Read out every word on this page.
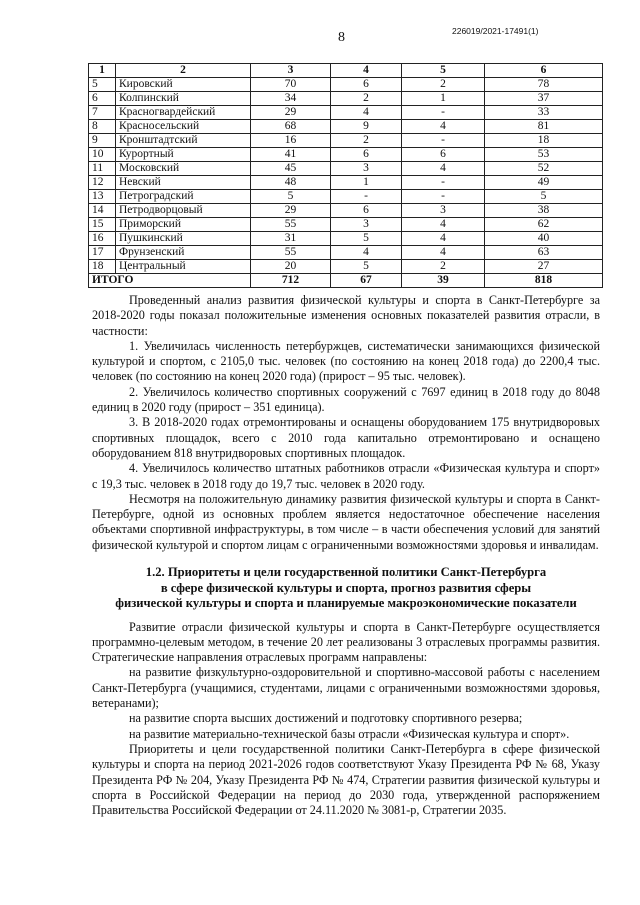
8	226019/2021-17491(1)
1	2	3	4	5	6
5	Кировский	70	6	2	78
6	Колпинский	34	2	1	37
7	Красногвардейский	29	4	-	33
8	Красносельский	68	9	4	81
9	Кронштадтский	16	2	-	18
10	Курортный	41	6	6	53
11	Московский	45	3	4	52
12	Невский	48	1	-	49
13	Петроградский	5	-	-	5
14	Петродворцовый	29	6	3	38
15	Приморский	55	3	4	62
16	Пушкинский	31	5	4	40
17	Фрунзенский	55	4	4	63
18	Центральный	20	5	2	27
ИТОГО		712	67	39	818

Проведенный анализ развития физической культуры и спорта в Санкт-Петербурге за 2018-2020 годы показал положительные изменения основных показателей развития отрасли, в частности:

1. Увеличилась численность петербуржцев, систематически занимающихся физической культурой и спортом, с 2105,0 тыс. человек (по состоянию на конец 2018 года) до 2200,4 тыс. человек (по состоянию на конец 2020 года) (прирост – 95 тыс. человек).

2. Увеличилось количество спортивных сооружений с 7697 единиц в 2018 году до 8048 единиц в 2020 году (прирост – 351 единица).

3. В 2018-2020 годах отремонтированы и оснащены оборудованием 175 внутридворовых спортивных площадок, всего с 2010 года капитально отремонтировано и оснащено оборудованием 818 внутридворовых спортивных площадок.

4. Увеличилось количество штатных работников отрасли «Физическая культура и спорт» с 19,3 тыс. человек в 2018 году до 19,7 тыс. человек в 2020 году.

Несмотря на положительную динамику развития физической культуры и спорта в Санкт-Петербурге, одной из основных проблем является недостаточное обеспечение населения объектами спортивной инфраструктуры, в том числе – в части обеспечения условий для занятий физической культурой и спортом лицам с ограниченными возможностями здоровья и инвалидам.

1.2. Приоритеты и цели государственной политики Санкт-Петербурга
в сфере физической культуры и спорта, прогноз развития сферы
физической культуры и спорта и планируемые макроэкономические показатели

Развитие отрасли физической культуры и спорта в Санкт-Петербурге осуществляется программно-целевым методом, в течение 20 лет реализованы 3 отраслевых программы развития. Стратегические направления отраслевых программ направлены:

на развитие физкультурно-оздоровительной и спортивно-массовой работы с населением Санкт-Петербурга (учащимися, студентами, лицами с ограниченными возможностями здоровья, ветеранами);

на развитие спорта высших достижений и подготовку спортивного резерва;

на развитие материально-технической базы отрасли «Физическая культура и спорт».

Приоритеты и цели государственной политики Санкт-Петербурга в сфере физической культуры и спорта на период 2021-2026 годов соответствуют Указу Президента РФ № 68, Указу Президента РФ № 204, Указу Президента РФ № 474, Стратегии развития физической культуры и спорта в Российской Федерации на период до 2030 года, утвержденной распоряжением Правительства Российской Федерации от 24.11.2020 № 3081-р, Стратегии 2035.
